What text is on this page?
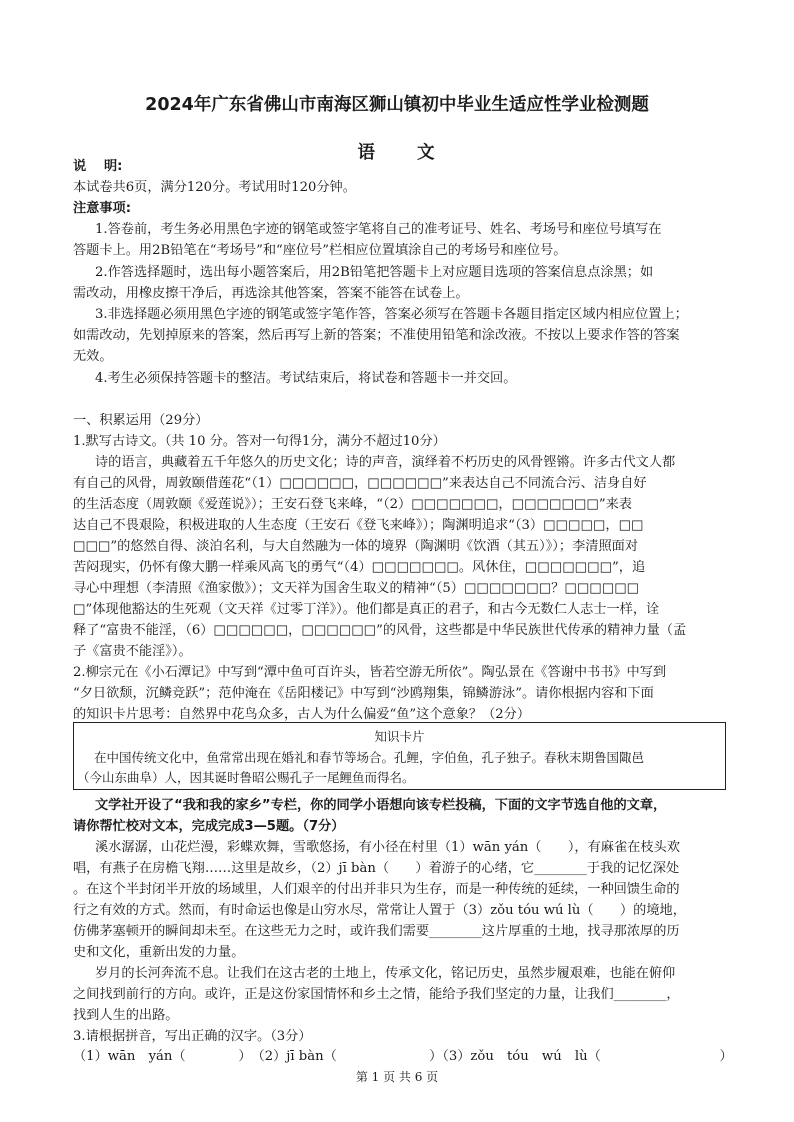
2024年广东省佛山市南海区狮山镇初中毕业生适应性学业检测题
语文
说　 明:
本试卷共6页，满分120分。考试用时120分钟。
注意事项:
1.答卷前，考生务必用黑色字迹的钢笔或签字笔将自己的准考证号、姓名、考场号和座位号填写在
答题卡上。用2B铅笔在“考场号”和“座位号”栏相应位置填涂自己的考场号和座位号。
2.作答选择题时，选出每小题答案后，用2B铅笔把答题卡上对应题目选项的答案信息点涂黑；如
需改动，用橡皮擦干净后，再选涂其他答案，答案不能答在试卷上。
3.非选择题必须用黑色字迹的钢笔或签字笔作答，答案必须写在答题卡各题目指定区域内相应位置上；
如需改动，先划掉原来的答案，然后再写上新的答案；不准使用铅笔和涂改液。不按以上要求作答的答案
无效。
4.考生必须保持答题卡的整洁。考试结束后，将试卷和答题卡一并交回。
一、积累运用（29分）
1.默写古诗文。（共 10 分。答对一句得1分，满分不超过10分）
诗的语言，典藏着五千年悠久的历史文化；诗的声音，演绎着不朽历史的风骨铿锵。许多古代文人都
有自己的风骨，周敦颐借莲花“（1）□□□□□□，□□□□□□”来表达自己不同流合污、洁身自好
的生活态度（周敦颐《爱莲说》）；王安石登飞来峰，“（2）□□□□□□□，□□□□□□□”来表
达自己不畏艰险，积极进取的人生态度（王安石《登飞来峰》）；陶渊明追求“（3）□□□□□，□□
□□□”的悠然自得、淡泊名利，与大自然融为一体的境界（陶渊明《饮酒（其五）》）；李清照面对
苦闷现实，仍怀有像大鹏一样乘风高飞的勇气“（4）□□□□□□□。风休住，□□□□□□□”，追
寻心中理想（李清照《渔家傲》）；文天祥为国舍生取义的精神“（5）□□□□□□□？□□□□□□
□”体现他豁达的生死观（文天祥《过零丁洋》）。他们都是真正的君子，和古今无数仁人志士一样，诠
释了“富贵不能淫，（6）□□□□□□，□□□□□□”的风骨，这些都是中华民族世代传承的精神力量（孟
子《富贵不能淫》）。
2.柳宗元在《小石潭记》中写到“潭中鱼可百许头，皆若空游无所依”。陶弘景在《答谢中书书》中写到
“夕日欲颓，沉鳞竞跃”；范仲淹在《岳阳楼记》中写到“沙鸥翔集，锦鳞游泳”。请你根据内容和下面
的知识卡片思考：自然界中花鸟众多，古人为什么偏爱“鱼”这个意象？（2分）
知识卡片
在中国传统文化中，鱼常常出现在婚礼和春节等场合。孔鲤，字伯鱼，孔子独子。春秋末期鲁国陬邑
（今山东曲阜）人，因其诞时鲁昭公赐孔子一尾鲤鱼而得名。
文学社开设了“我和我的家乡”专栏，你的同学小语想向该专栏投稿，下面的文字节选自他的文章，
请你帮忙校对文本，完成完成3—5题。（7分）
溪水潺潺，山花烂漫，彩蝶欢舞，雪歌悠扬，有小径在村里（1）wān yán（　　），有麻雀在枝头欢
唱，有燕子在房檐飞翔……这里是故乡，（2）jī bàn（　　）着游子的心绪，它________于我的记忆深处
。在这个半封闭半开放的场域里，人们艰辛的付出并非只为生存，而是一种传统的延续，一种回馈生命的
行之有效的方式。然而，有时命运也像是山穷水尽，常常让人置于（3）zǒu tóu wú lù（　　）的境地，
仿佛茅塞顿开的瞬间却未至。在这些无力之时，或许我们需要________这片厚重的土地，找寻那浓厚的历
史和文化，重新出发的力量。
岁月的长河奔流不息。让我们在这古老的土地上，传承文化，铭记历史，虽然步履艰难，也能在俯仰
之间找到前行的方向。或许，正是这份家国情怀和乡土之情，能给予我们坚定的力量，让我们________，
找到人生的出路。
3.请根据拼音，写出正确的汉字。（3分）
（1）wān　yán（　　　　）　（2）jī bàn（　　　　　　　）（3）zǒu　tóu　wú　lù（　　　　　　　　　）
第 1 页 共 6 页
